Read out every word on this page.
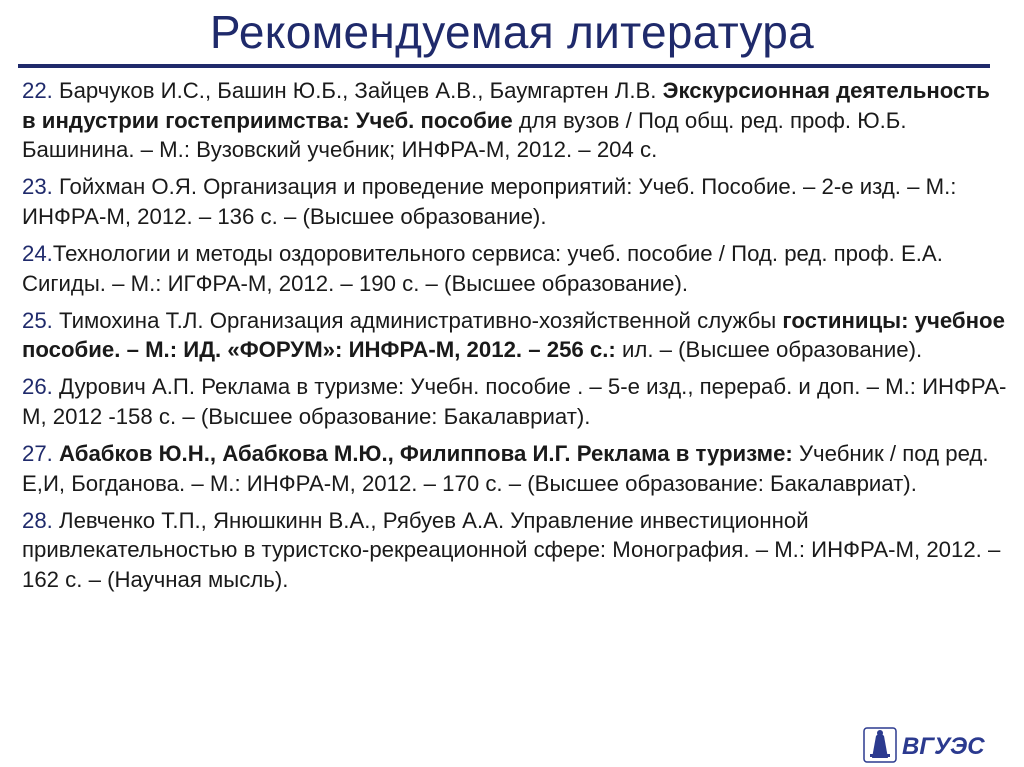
Рекомендуемая литература

22. Барчуков И.С., Башин Ю.Б., Зайцев А.В., Баумгартен Л.В. Экскурсионная деятельность в индустрии гостеприимства: Учеб. пособие для вузов / Под общ. ред. проф. Ю.Б. Башинина. – М.: Вузовский учебник; ИНФРА-М, 2012. – 204 с.

23. Гойхман О.Я. Организация и проведение мероприятий: Учеб. Пособие. – 2-е изд. – М.: ИНФРА-М, 2012. – 136 с. – (Высшее образование).

24.Технологии и методы оздоровительного сервиса: учеб. пособие / Под. ред. проф. Е.А. Сигиды. – М.: ИГФРА-М, 2012. – 190 с. – (Высшее образование).

25. Тимохина Т.Л. Организация административно-хозяйственной службы гостиницы: учебное пособие. – М.: ИД. «ФОРУМ»: ИНФРА-М, 2012. – 256 с.: ил. – (Высшее образование).

26. Дурович А.П. Реклама в туризме: Учебн. пособие . – 5-е изд., перераб. и доп. – М.: ИНФРА-М, 2012 -158 с. – (Высшее образование: Бакалавриат).

27. Абабков Ю.Н., Абабкова М.Ю., Филиппова И.Г. Реклама в туризме: Учебник / под ред. Е,И, Богданова. – М.: ИНФРА-М, 2012. – 170 с. – (Высшее образование: Бакалавриат).

28. Левченко Т.П., Янюшкинн В.А., Рябуев А.А. Управление инвестиционной привлекательностью в туристско-рекреационной сфере: Монография. – М.: ИНФРА-М, 2012. – 162 с. – (Научная мысль).

ВГУЭС
